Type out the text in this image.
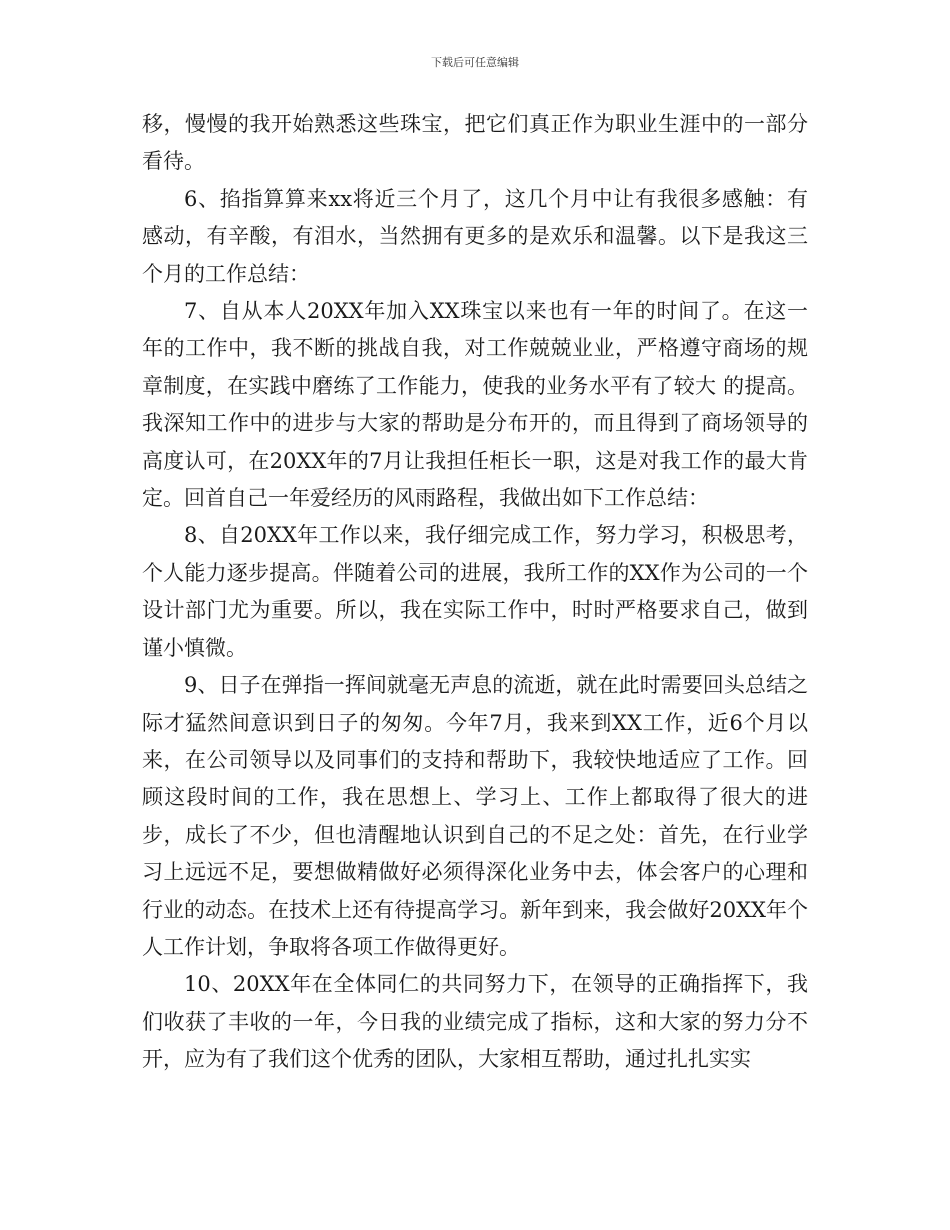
下载后可任意编辑

移，慢慢的我开始熟悉这些珠宝，把它们真正作为职业生涯中的一部分看待。

6、掐指算算来xx将近三个月了，这几个月中让有我很多感触：有感动，有辛酸，有泪水，当然拥有更多的是欢乐和温馨。以下是我这三个月的工作总结：

7、自从本人20XX年加入XX珠宝以来也有一年的时间了。在这一年的工作中，我不断的挑战自我，对工作兢兢业业，严格遵守商场的规章制度，在实践中磨练了工作能力，使我的业务水平有了较大 的提高。我深知工作中的进步与大家的帮助是分布开的，而且得到了商场领导的高度认可，在20XX年的7月让我担任柜长一职，这是对我工作的最大肯定。回首自己一年爱经历的风雨路程，我做出如下工作总结：

8、自20XX年工作以来，我仔细完成工作，努力学习，积极思考，个人能力逐步提高。伴随着公司的进展，我所工作的XX作为公司的一个设计部门尤为重要。所以，我在实际工作中，时时严格要求自己，做到谨小慎微。

9、日子在弹指一挥间就毫无声息的流逝，就在此时需要回头总结之际才猛然间意识到日子的匆匆。今年7月，我来到XX工作，近6个月以来，在公司领导以及同事们的支持和帮助下，我较快地适应了工作。回顾这段时间的工作，我在思想上、学习上、工作上都取得了很大的进步，成长了不少，但也清醒地认识到自己的不足之处：首先，在行业学习上远远不足，要想做精做好必须得深化业务中去，体会客户的心理和行业的动态。在技术上还有待提高学习。新年到来，我会做好20XX年个人工作计划，争取将各项工作做得更好。

10、20XX年在全体同仁的共同努力下，在领导的正确指挥下，我们收获了丰收的一年，今日我的业绩完成了指标，这和大家的努力分不开，应为有了我们这个优秀的团队，大家相互帮助，通过扎扎实实
